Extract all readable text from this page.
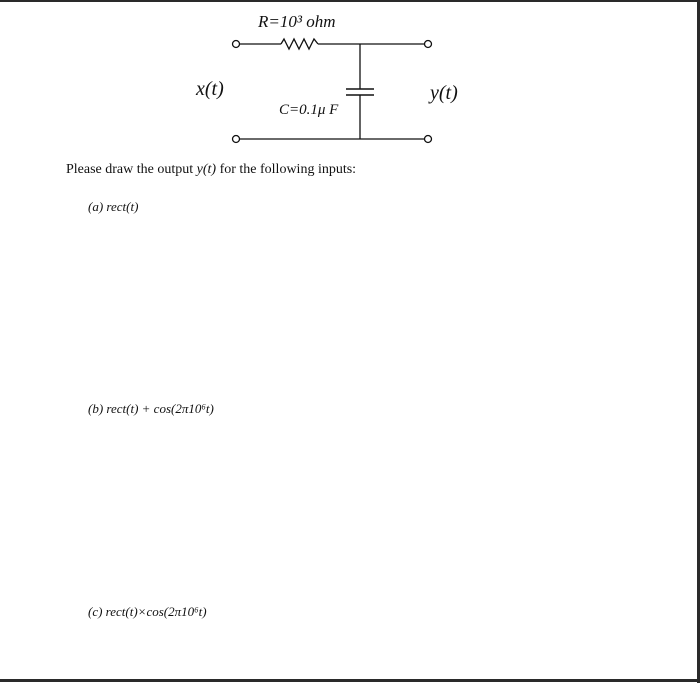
R=10³ ohm
C=0.1μ F
x(t)	y(t)

Please draw the output y(t) for the following inputs:

(a) rect(t)

(b) rect(t) + cos(2π10⁶t)

(c) rect(t)×cos(2π10⁶t)
